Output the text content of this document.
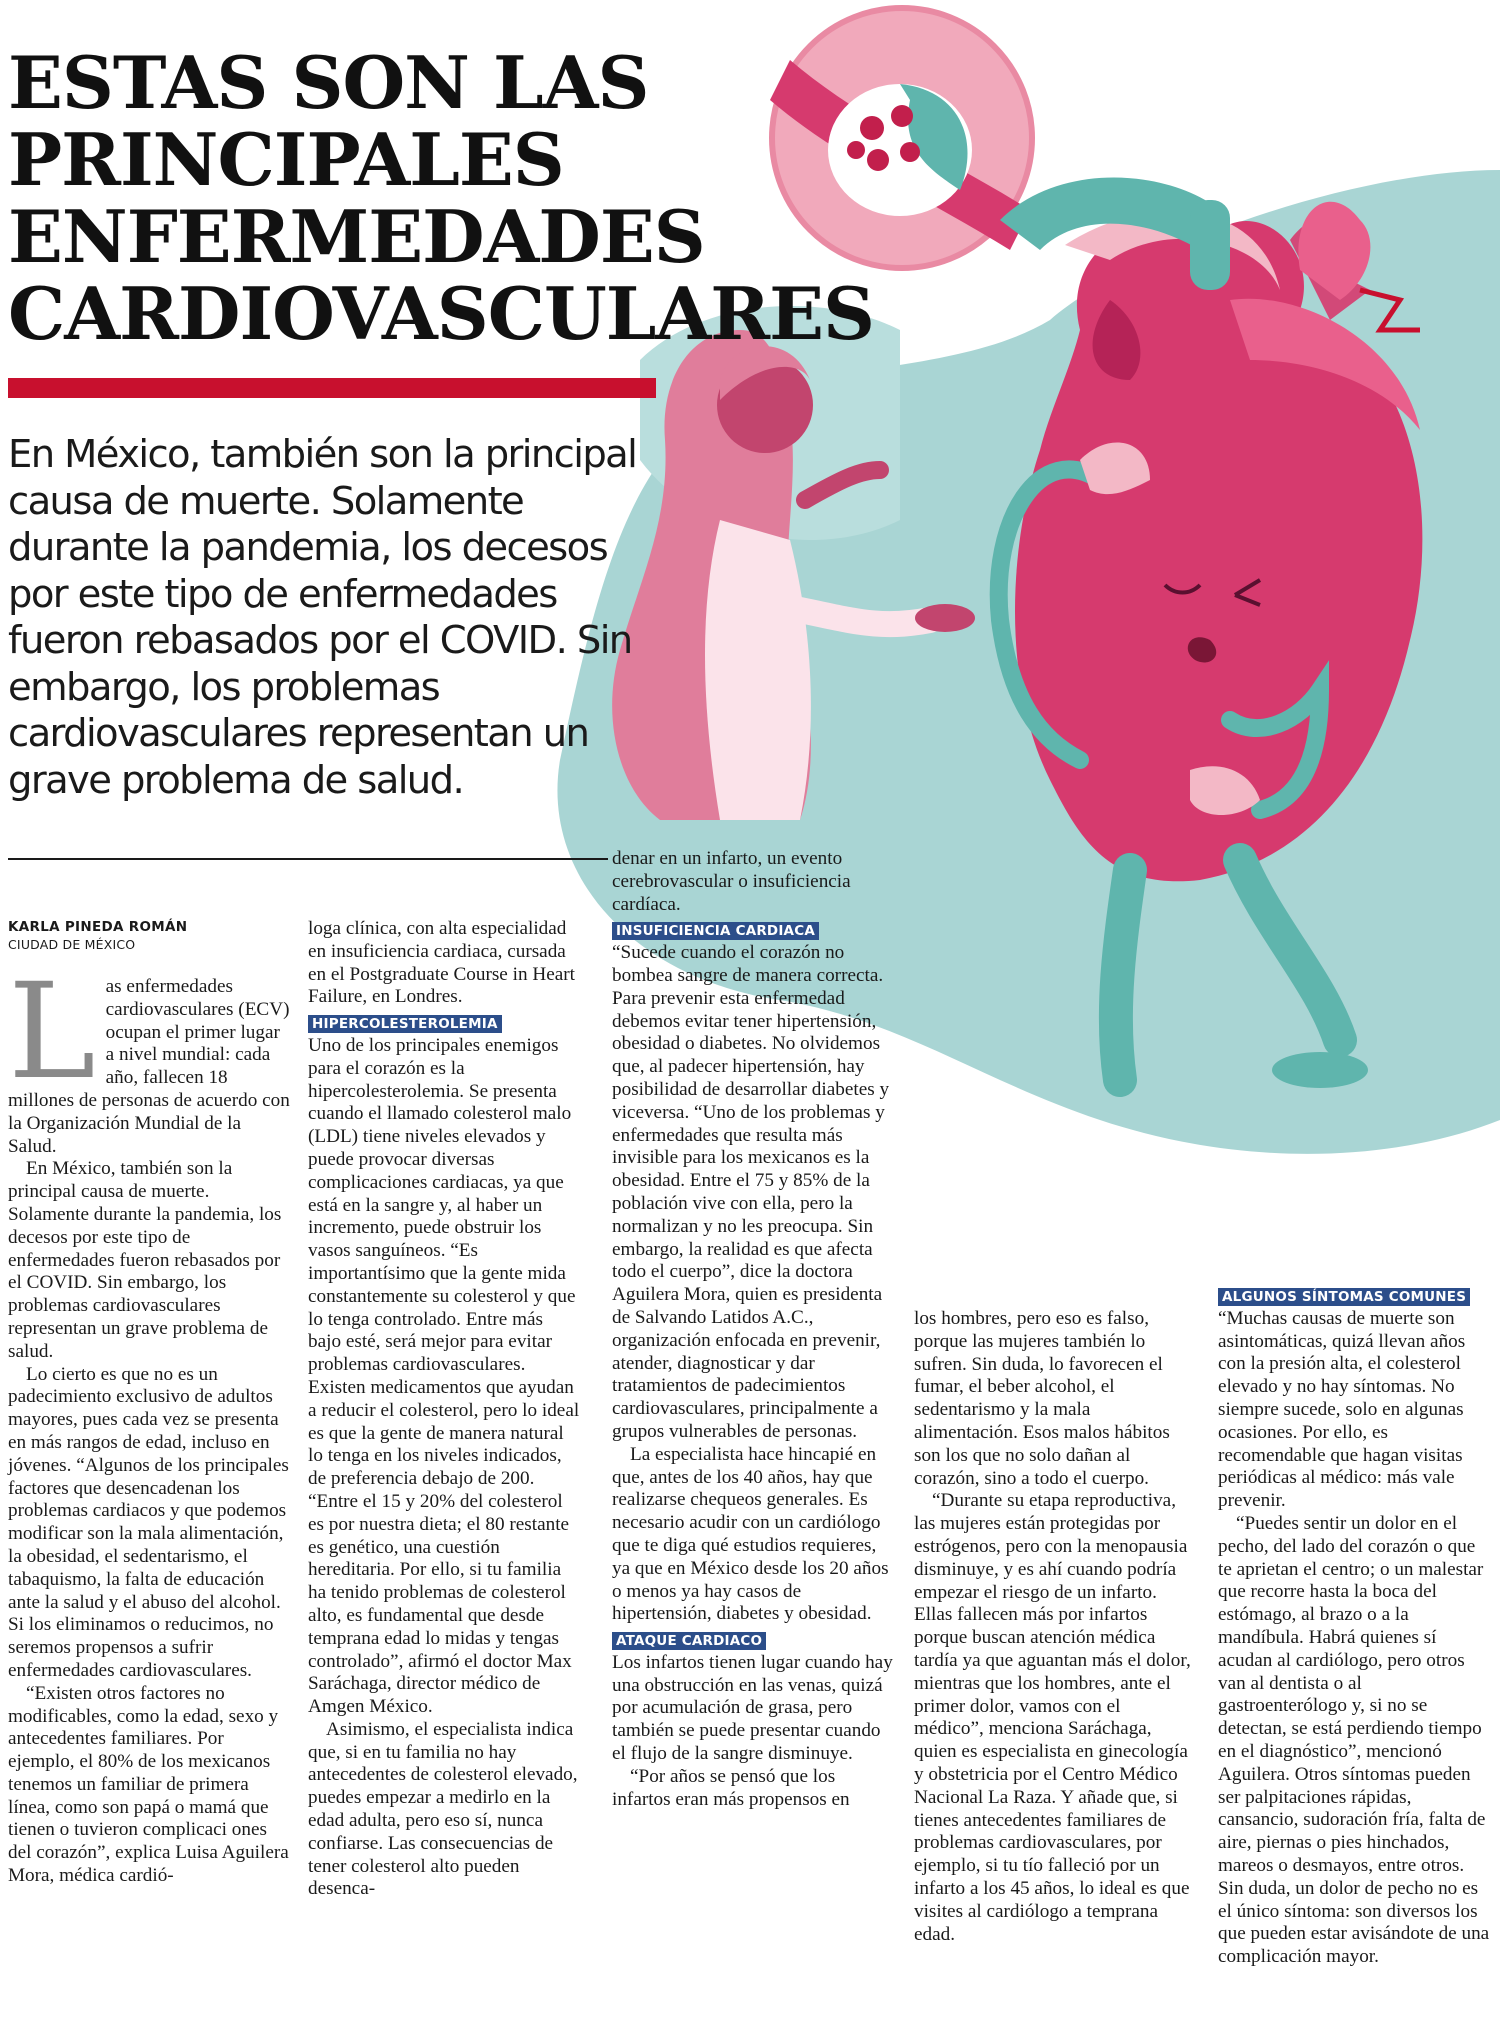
ESTAS SON LAS
PRINCIPALES
ENFERMEDADES
CARDIOVASCULARES

En México, también son la principal causa de muerte. Solamente durante la pandemia, los decesos por este tipo de enfermedades fueron rebasados por el COVID. Sin embargo, los problemas cardiovasculares representan un grave problema de salud.

KARLA PINEDA ROMÁN
CIUDAD DE MÉXICO
L as enfermedades cardiovasculares (ECV) ocupan el primer lugar a nivel mundial: cada año, fallecen 18 millones de personas de acuerdo con la Organización Mundial de la Salud.

En México, también son la principal causa de muerte. Solamente durante la pandemia, los decesos por este tipo de enfermedades fueron rebasados por el COVID. Sin embargo, los problemas cardiovasculares representan un grave problema de salud.

Lo cierto es que no es un padecimiento exclusivo de adultos mayores, pues cada vez se presenta en más rangos de edad, incluso en jóvenes. “Algunos de los principales factores que desencadenan los problemas cardiacos y que podemos modificar son la mala alimentación, la obesidad, el sedentarismo, el tabaquismo, la falta de educación ante la salud y el abuso del alcohol. Si los eliminamos o reducimos, no seremos propensos a sufrir enfermedades cardiovasculares.

“Existen otros factores no modificables, como la edad, sexo y antecedentes familiares. Por ejemplo, el 80% de los mexicanos tenemos un familiar de primera línea, como son papá o mamá que tienen o tuvieron complicaci ones del corazón”, explica Luisa Aguilera Mora, médica cardió-

loga clínica, con alta especialidad en insuficiencia cardiaca, cursada en el Postgraduate Course in Heart Failure, en Londres.

HIPERCOLESTEROLEMIA

Uno de los principales enemigos para el corazón es la hipercolesterolemia. Se presenta cuando el llamado colesterol malo (LDL) tiene niveles elevados y puede provocar diversas complicaciones cardiacas, ya que está en la sangre y, al haber un incremento, puede obstruir los vasos sanguíneos. “Es importantísimo que la gente mida constantemente su colesterol y que lo tenga controlado. Entre más bajo esté, será mejor para evitar problemas cardiovasculares. Existen medicamentos que ayudan a reducir el colesterol, pero lo ideal es que la gente de manera natural lo tenga en los niveles indicados, de preferencia debajo de 200. “Entre el 15 y 20% del colesterol es por nuestra dieta; el 80 restante es genético, una cuestión hereditaria. Por ello, si tu familia ha tenido problemas de colesterol alto, es fundamental que desde temprana edad lo midas y tengas controlado”, afirmó el doctor Max Saráchaga, director médico de Amgen México.

Asimismo, el especialista indica que, si en tu familia no hay antecedentes de colesterol elevado, puedes empezar a medirlo en la edad adulta, pero eso sí, nunca confiarse. Las consecuencias de tener colesterol alto pueden desenca-

denar en un infarto, un evento cerebrovascular o insuficiencia cardíaca.

INSUFICIENCIA CARDIACA

“Sucede cuando el corazón no bombea sangre de manera correcta. Para prevenir esta enfermedad debemos evitar tener hipertensión, obesidad o diabetes. No olvidemos que, al padecer hipertensión, hay posibilidad de desarrollar diabetes y viceversa. “Uno de los problemas y enfermedades que resulta más invisible para los mexicanos es la obesidad. Entre el 75 y 85% de la población vive con ella, pero la normalizan y no les preocupa. Sin embargo, la realidad es que afecta todo el cuerpo”, dice la doctora Aguilera Mora, quien es presidenta de Salvando Latidos A.C., organización enfocada en prevenir, atender, diagnosticar y dar tratamientos de padecimientos cardiovasculares, principalmente a grupos vulnerables de personas.

La especialista hace hincapié en que, antes de los 40 años, hay que realizarse chequeos generales. Es necesario acudir con un cardiólogo que te diga qué estudios requieres, ya que en México desde los 20 años o menos ya hay casos de hipertensión, diabetes y obesidad.

ATAQUE CARDIACO

Los infartos tienen lugar cuando hay una obstrucción en las venas, quizá por acumulación de grasa, pero también se puede presentar cuando el flujo de la sangre disminuye.

“Por años se pensó que los infartos eran más propensos en

los hombres, pero eso es falso, porque las mujeres también lo sufren. Sin duda, lo favorecen el fumar, el beber alcohol, el sedentarismo y la mala alimentación. Esos malos hábitos son los que no solo dañan al corazón, sino a todo el cuerpo.

“Durante su etapa reproductiva, las mujeres están protegidas por estrógenos, pero con la menopausia disminuye, y es ahí cuando podría empezar el riesgo de un infarto. Ellas fallecen más por infartos porque buscan atención médica tardía ya que aguantan más el dolor, mientras que los hombres, ante el primer dolor, vamos con el médico”, menciona Saráchaga, quien es especialista en ginecología y obstetricia por el Centro Médico Nacional La Raza. Y añade que, si tienes antecedentes familiares de problemas cardiovasculares, por ejemplo, si tu tío falleció por un infarto a los 45 años, lo ideal es que visites al cardiólogo a temprana edad.

ALGUNOS SÍNTOMAS COMUNES

“Muchas causas de muerte son asintomáticas, quizá llevan años con la presión alta, el colesterol elevado y no hay síntomas. No siempre sucede, solo en algunas ocasiones. Por ello, es recomendable que hagan visitas periódicas al médico: más vale prevenir.

“Puedes sentir un dolor en el pecho, del lado del corazón o que te aprietan el centro; o un malestar que recorre hasta la boca del estómago, al brazo o a la mandíbula. Habrá quienes sí acudan al cardiólogo, pero otros van al dentista o al gastroenterólogo y, si no se detectan, se está perdiendo tiempo en el diagnóstico”, mencionó Aguilera. Otros síntomas pueden ser palpitaciones rápidas, cansancio, sudoración fría, falta de aire, piernas o pies hinchados, mareos o desmayos, entre otros. Sin duda, un dolor de pecho no es el único síntoma: son diversos los que pueden estar avisándote de una complicación mayor.
